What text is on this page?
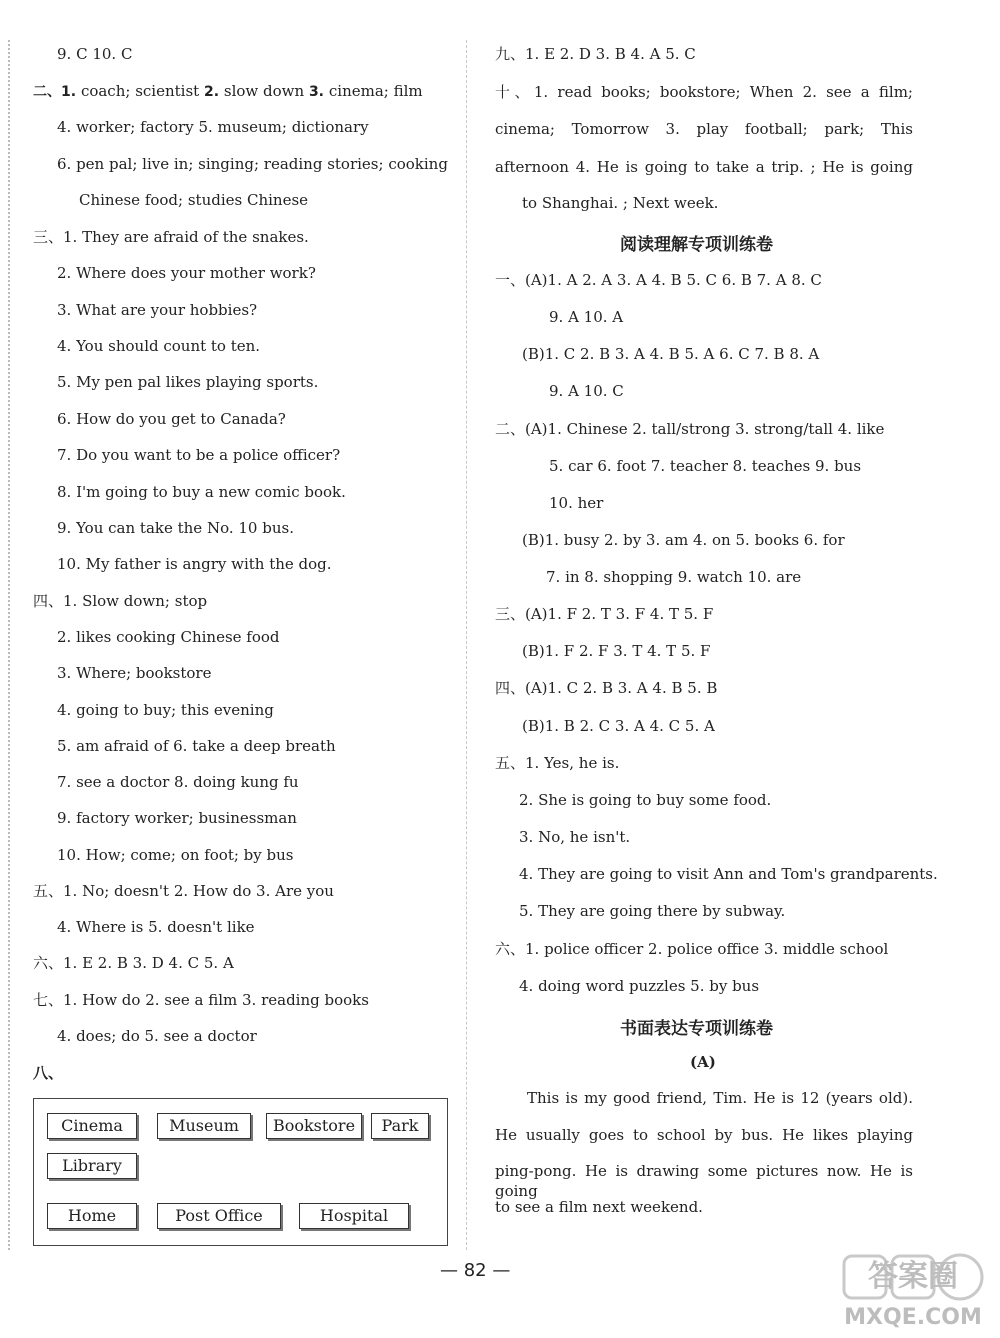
9. C 10. C
二、1. coach; scientist 2. slow down 3. cinema; film
4. worker; factory 5. museum; dictionary
6. pen pal; live in; singing; reading stories; cooking
Chinese food; studies Chinese
三、1. They are afraid of the snakes.
2. Where does your mother work?
3. What are your hobbies?
4. You should count to ten.
5. My pen pal likes playing sports.
6. How do you get to Canada?
7. Do you want to be a police officer?
8. I'm going to buy a new comic book.
9. You can take the No. 10 bus.
10. My father is angry with the dog.
四、1. Slow down; stop
2. likes cooking Chinese food
3. Where; bookstore
4. going to buy; this evening
5. am afraid of 6. take a deep breath
7. see a doctor 8. doing kung fu
9. factory worker; businessman
10. How; come; on foot; by bus
五、1. No; doesn't 2. How do 3. Are you
4. Where is 5. doesn't like
六、1. E 2. B 3. D 4. C 5. A
七、1. How do 2. see a film 3. reading books
4. does; do 5. see a doctor
八、
Cinema	Museum	Bookstore	Park
Library
Home	Post Office	Hospital
九、1. E 2. D 3. B 4. A 5. C
十、1. read books; bookstore; When 2. see a film;
cinema; Tomorrow 3. play football; park; This
afternoon 4. He is going to take a trip. ; He is going
to Shanghai. ; Next week.
阅读理解专项训练卷
一、(A)1. A 2. A 3. A 4. B 5. C 6. B 7. A 8. C
9. A 10. A
(B)1. C 2. B 3. A 4. B 5. A 6. C 7. B 8. A
9. A 10. C
二、(A)1. Chinese 2. tall/strong 3. strong/tall 4. like
5. car 6. foot 7. teacher 8. teaches 9. bus
10. her
(B)1. busy 2. by 3. am 4. on 5. books 6. for
7. in 8. shopping 9. watch 10. are
三、(A)1. F 2. T 3. F 4. T 5. F
(B)1. F 2. F 3. T 4. T 5. F
四、(A)1. C 2. B 3. A 4. B 5. B
(B)1. B 2. C 3. A 4. C 5. A
五、1. Yes, he is.
2. She is going to buy some food.
3. No, he isn't.
4. They are going to visit Ann and Tom's grandparents.
5. They are going there by subway.
六、1. police officer 2. police office 3. middle school
4. doing word puzzles 5. by bus
书面表达专项训练卷
(A)
This is my good friend, Tim. He is 12 (years old).
He usually goes to school by bus. He likes playing
ping-pong. He is drawing some pictures now. He is going
to see a film next weekend.
— 82 —	答案圈
MXQE.COM
